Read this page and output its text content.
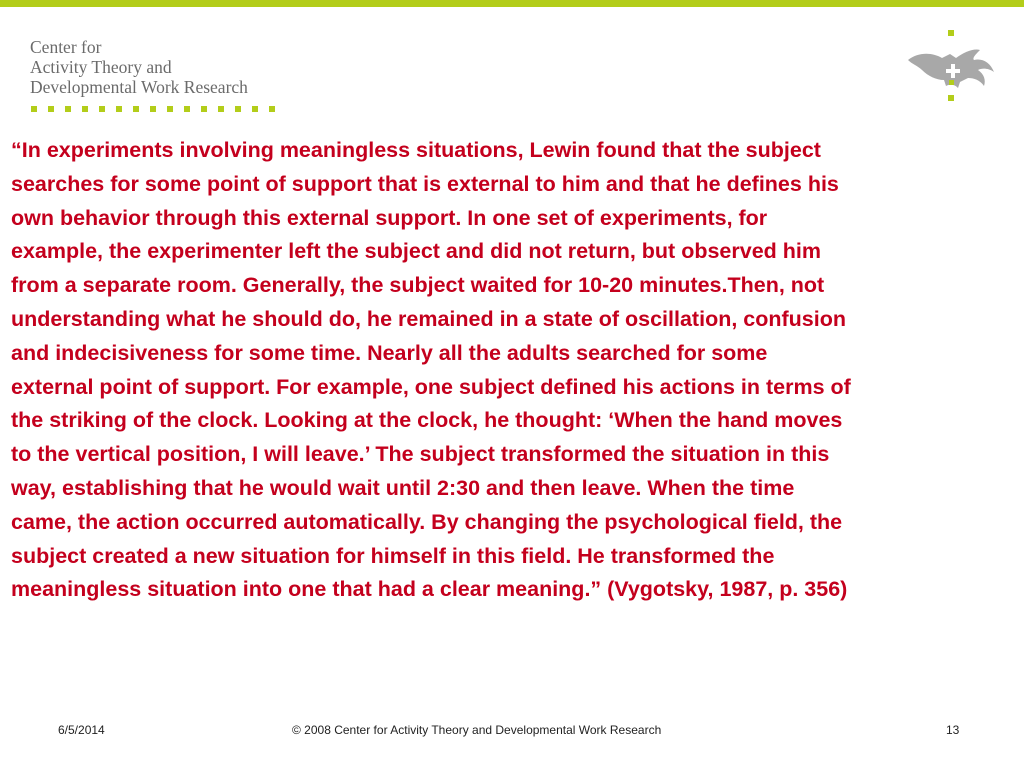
Center for
Activity Theory and
Developmental Work Research
“In experiments involving meaningless situations, Lewin found that the subject
searches for some point of support that is external to him and that he defines his
own behavior through this external support. In one set of experiments, for
example, the experimenter left the subject and did not return, but observed him
from a separate room. Generally, the subject waited for 10-20 minutes.Then, not
understanding what he should do, he remained in a state of oscillation, confusion
and indecisiveness for some time. Nearly all the adults searched for some
external point of support. For example, one subject defined his actions in terms of
the striking of the clock. Looking at the clock, he thought: ‘When the hand moves
to the vertical position, I will leave.’ The subject transformed the situation in this
way, establishing that he would wait until 2:30 and then leave. When the time
came, the action occurred automatically. By changing the psychological field, the
subject created a new situation for himself in this field. He transformed the
meaningless situation into one that had a clear meaning.” (Vygotsky, 1987, p. 356)
6/5/2014	© 2008 Center for Activity Theory and Developmental Work Research	13
